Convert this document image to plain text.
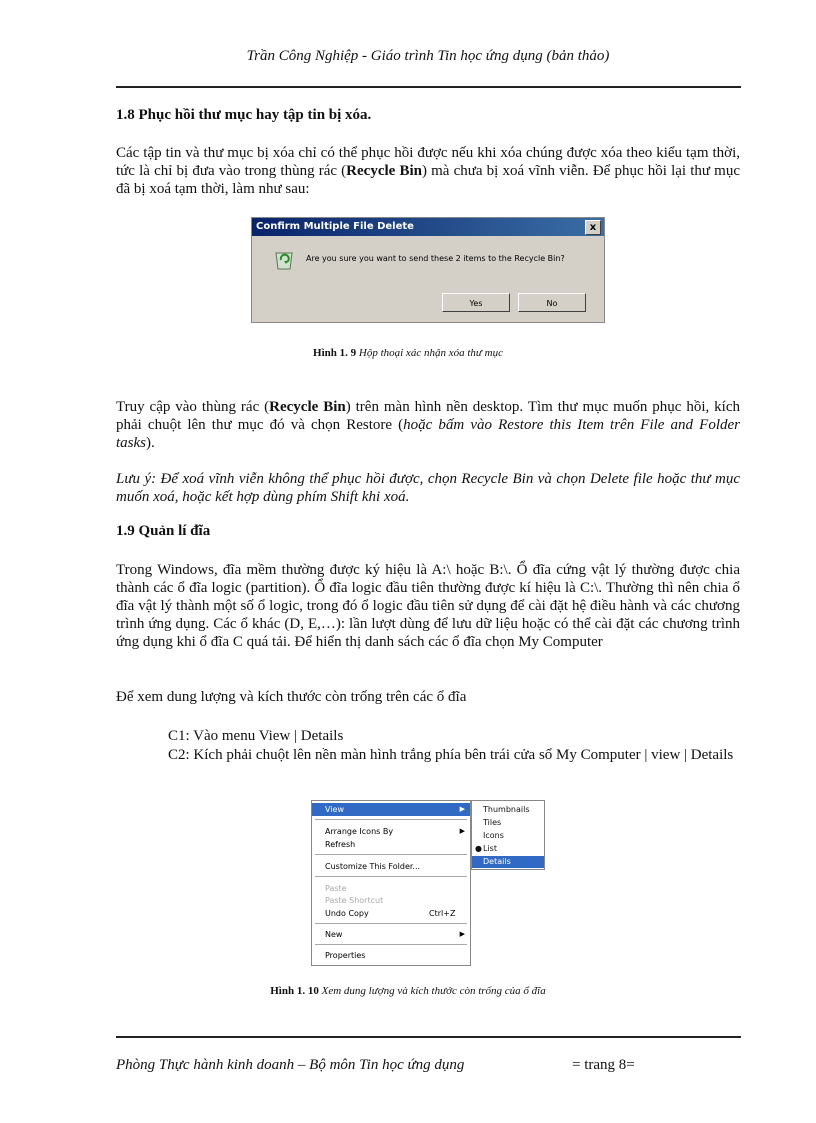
Trần Công Nghiệp - Giáo trình Tin học ứng dụng (bản thảo)
1.8 Phục hồi thư mục hay tập tin bị xóa.

Các tập tin và thư mục bị xóa chỉ có thể phục hồi được nếu khi xóa chúng được xóa theo kiểu tạm thời, tức là chỉ bị đưa vào trong thùng rác (Recycle Bin) mà chưa bị xoá vĩnh viễn. Để phục hồi lại thư mục đã bị xoá tạm thời, làm như sau:

Confirm Multiple File Delete	x
Are you sure you want to send these 2 items to the Recycle Bin?
Yes	No
Hình 1. 9 Hộp thoại xác nhận xóa thư mục

Truy cập vào thùng rác (Recycle Bin) trên màn hình nền desktop. Tìm thư mục muốn phục hồi, kích phải chuột lên thư mục đó và chọn Restore (hoặc bấm vào Restore this Item trên File and Folder tasks).

Lưu ý: Để xoá vĩnh viễn không thể phục hồi được, chọn Recycle Bin và chọn Delete file hoặc thư mục muốn xoá, hoặc kết hợp dùng phím Shift khi xoá.

1.9 Quản lí đĩa

Trong Windows, đĩa mềm thường được ký hiệu là A:\ hoặc B:\. Ổ đĩa cứng vật lý thường được chia thành các ổ đĩa logic (partition). Ổ đĩa logic đầu tiên thường được kí hiệu là C:\. Thường thì nên chia ổ đĩa vật lý thành một số ổ logic, trong đó ổ logic đầu tiên sử dụng để cài đặt hệ điều hành và các chương trình ứng dụng. Các ổ khác (D, E,…): lần lượt dùng để lưu dữ liệu hoặc có thể cài đặt các chương trình ứng dụng khi ổ đĩa C quá tải. Để hiển thị danh sách các ổ đĩa chọn My Computer

Để xem dung lượng và kích thước còn trống trên các ổ đĩa

C1: Vào menu View | Details

C2: Kích phải chuột lên nền màn hình trắng phía bên trái cửa sổ My Computer | view | Details

View	▶
Arrange Icons By	▶
Refresh
Customize This Folder...
Paste
Paste Shortcut
Undo Copy	Ctrl+Z
New	▶
Properties
Thumbnails
Tiles
Icons
● List
Details
Hình 1. 10 Xem dung lượng và kích thước còn trống của ổ đĩa
Phòng Thực hành kinh doanh – Bộ môn Tin học ứng dụng	= trang 8=
